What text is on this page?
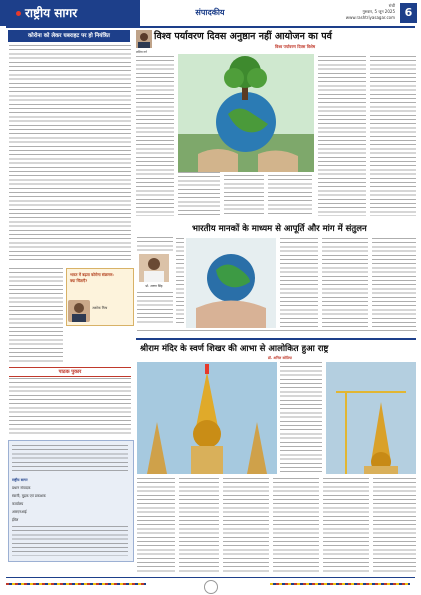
राष्ट्रीय सागर	संपादकीय
रांची
गुरुवार, 5 जून 2025
www.rashtriyasagar.com 6
कोरोना को लेकर घबराहट पर हो नियंत्रित
भारत में बढ़ता कोरोना संक्रमण:
क्या चिंताएँ?
अशोक मिश्र
पाठक पुकार
राष्ट्रीय सागर
प्रधान संपादक
स्वामी, मुद्रक एवं प्रकाशक
कार्यालय
आरएनआई
ईमेल
विश्व पर्यावरण दिवस अनुष्ठान नहीं आयोजन का पर्व
विश्व पर्यावरण दिवस विशेष
ललित गर्ग
भारतीय मानकों के माध्यम से आपूर्ति और मांग में संतुलन
प्रो. अरुण सिंह
श्रीराम मंदिर के स्वर्ण शिखर की आभा से आलोकित हुआ राष्ट्र
डॉ. अनिल कोठिया
